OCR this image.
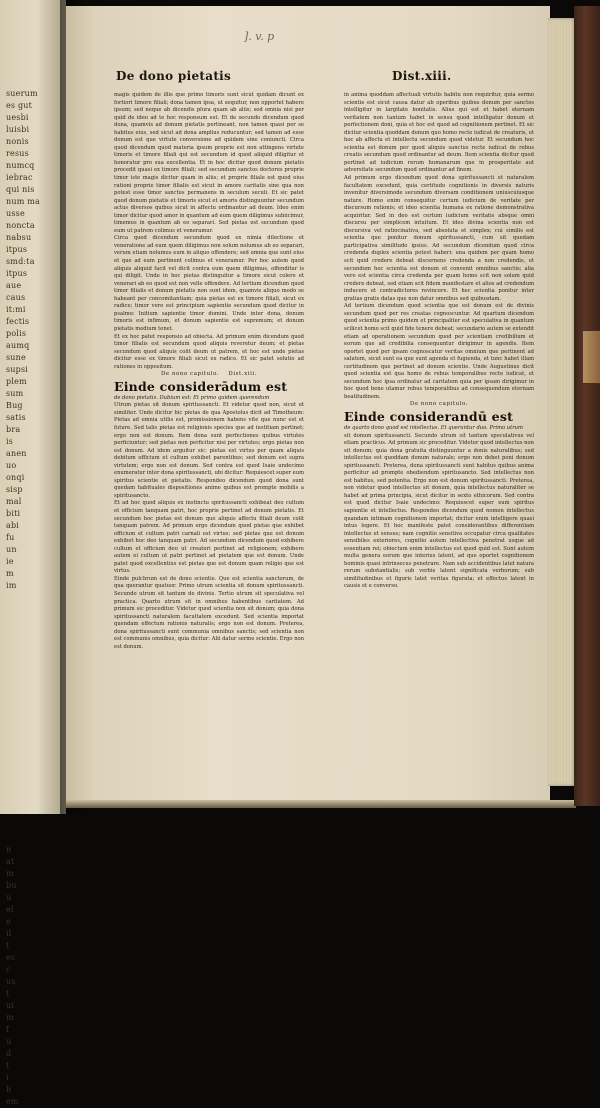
suerum
es gut
uesbi
luisbi
nonis
resus
numcq
iebrac
qui nis
num ma
usse
noncta
nabsu
itpus
smd:ta
itpus
aue
caus
it:mi
fectis
polis
aumq
sune
supsi
plem
sum
Bug
satis
bra
is
anen
uo
onqi
sisp
mal
biti
abi
fu
un
ie
m
im

n
at
m
bu
u
el
e
il
t
es
c
us
t
ui
m
f
u
d
t
i
h
em
]. v. p
De dono pietatis	Dist.xiii.

magis quidem de illis que primo timoris sunt sicut quidam dicunt ex fortiori timore filiali; dona tamen ipsa, ut sequitur, non opportet habere ipsum; sed neque ab dicendis plura quam ab aliis; sed omnia nisi per quid de ideo ad te hoc responsum est. Et de secundo dicendum quod dona, quamvis ad donum pietatis pertineant, non tamen quasi per se habitus eius, sed sicut ad dona amplius reducuntur; sed tamen ad esse donum est que virtute conversione ad quidem sine coniuncti. Circa quod dicendum quod materia ipsum proprie est non attingens virtute timoris et timore filiali qui est secundum id quod aliquid diligitur et honoratur pro sua excellentia. Et in hoc dicitur quod donum pietatis procedit quasi ex timore filiali; sed secundum sanctos doctores proprie timor iste magis dicitur quam in aliis; et proprie filiale est quod eius rationi proprie timor filialis est sicut in amore caritatis sine qua non potest esse timor sanctus permanens in seculum seculi. Et sic patet quod donum pietatis et timoris sicut et amoris distinguuntur secundum actus diversos quibus sicut in affectu ordinantur ad deum. Ideo enim timor dicitur quod amor in quantum ad eum quem diligimus subiicimur, timemus in quantum ab eo separari. Sed pietas est secundum quod eum ut patrem colimus et veneramur.

Circa quod dicendum secundum quod ex nimia dilectione et veneratione ad eum quem diligimus non solum nolumus ab eo separari, verum etiam nolumus eum in aliquo offendere; sed omnia que sunt eius et que ad eum pertinent colimus et veneramur. Per hoc autem quod aliquis aliquid facit vel dicit contra eum quem diligimus, offenditur is qui diligit. Unde in hoc pietas distinguitur a timore sicut colere et venerari ab eo quod est non velle offendere. Ad tertium dicendum quod timor filialis et donum pietatis non sunt idem, quamvis aliquo modo se habeant per concomitantiam; quia pietas est ex timore filiali, sicut ex radice; timor vero est principium sapientie secundum quod dicitur in psalmo: Initium sapientie timor domini. Unde inter dona, donum timoris est infimum, et donum sapientie est supremum; et donum pietatis medium tenet.

Et ex hoc patet responsio ad obiecta. Ad primum enim dicendum quod timor filialis est secundum quod aliquis reveretur deum; et pietas secundum quod aliquis colit deum ut patrem, et hoc est unde pietas dicitur esse ex timore filiali sicut ex radice. Et sic patet solutio ad rationes in oppositum.

De nono capitulo. Dist.xiii.

Einde considerādum est

de dono pietatis. Dubium est: Et primo quidem querendum

Utrum pietas sit donum spiritussancti. Et videtur quod non, sicut et similiter. Unde dicitur hic pietas de qua Apostolus dicit ad Timotheum: Pietas ad omnia utilis est, promissionem habens vite que nunc est et future. Sed talis pietas est religionis species que ad iustitiam pertinet; ergo non est donum. Item dona sunt perfectiones quibus virtutes perficiuntur; sed pietas non perficitur nisi per virtutes; ergo pietas non est donum. Ad idem arguitur sic: pietas est virtus per quam aliquis debitum officium et cultum exhibet parentibus; sed donum est supra virtutem; ergo non est donum. Sed contra est quod Isaie undecimo enumeratur inter dona spiritussancti, ubi dicitur: Requiescet super eum spiritus scientie et pietatis. Respondeo dicendum quod dona sunt quedam habituales dispositiones anime quibus est prompte mobilis a spiritusancto.

Et ad hoc quod aliquis ex instinctu spiritussancti exhibeat deo cultum et officium tanquam patri, hoc proprie pertinet ad donum pietatis. Et secundum hoc pietas est donum quo aliquis affectu filiali deum colit tanquam patrem. Ad primum ergo dicendum quod pietas que exhibet officium et cultum patri carnali est virtus; sed pietas que est donum exhibet hoc deo tanquam patri. Ad secundum dicendum quod exhibere cultum et officium deo ut creatori pertinet ad religionem; exhibere autem ei cultum ut patri pertinet ad pietatem que est donum. Unde patet quod excellentius est pietas que est donum quam religio que est virtus.

Einde pulchrum est de dono scientie. Que est scientia sanctorum, de qua querantur quatuor. Primo utrum scientia sit donum spiritussancti. Secundo utrum sit tantum de divinis. Tertio utrum sit speculativa vel practica. Quarto utrum sit in omnibus habentibus caritatem. Ad primum sic proceditur. Videtur quod scientia non sit donum; quia dona spiritussancti naturalem facultatem excedunt. Sed scientia importat quendam effectum rationis naturalis; ergo non est donum. Preterea, dona spiritussancti sunt communia omnibus sanctis; sed scientia non est communis omnibus, quia dicitur: Alii datur sermo scientie. Ergo non est donum.

in anima quoddam affectuali virtutis habitu non requiritur, quia sermo scientie est sicut causa datur ab operibus quibus donum per sanctos intelligitur in largitate bonitatis. Alius qui est et habet eternam veritatem non tantum habet in sensu quod intelligatur donum et perfectionem doni, quia et hoc est quod ad cognitionem pertinet. Et sic dicitur scientia quoddam donum quo homo recte iudicat de creaturis, et hoc ab affectu et intellectu secundum quod videtur. Et secundum hoc scientia est donum per quod aliquis sanctus recte iudicat de rebus creatis secundum quod ordinantur ad deum. Item scientia dicitur quod pertinet ad iudicium rerum humanarum que in prosperitate aut adversitate secundum quod ordinantur ad finem.

Ad primum ergo dicendum quod dona spiritussancti et naturalem facultatem excedunt, quia certitudo cognitionis in diversis naturis invenitur diversimode secundum diversam conditionem uniuscuiusque nature. Homo enim consequitur certum iudicium de veritate per discursum rationis; et ideo scientia humana ex ratione demonstrativa acquiritur. Sed in deo est certum iudicium veritatis absque omni discursu per simplicem intuitum. Et ideo divina scientia non est discursiva vel ratiocinativa, sed absoluta et simplex; cui similis est scientia que ponitur donum spiritussancti, cum sit quedam participativa similitudo ipsius. Ad secundum dicendum quod circa credenda duplex scientia potest haberi: una quidem per quam homo scit quid credere debeat discernens credenda a non credendis, et secundum hoc scientia est donum et convenit omnibus sanctis; alia vero est scientia circa credenda per quam homo scit non solum quid credere debeat, sed etiam scit fidem manifestare et alios ad credendum inducere et contradictores revincere. Et hec scientia ponitur inter gratias gratis datas que non datur omnibus sed quibusdam.

Ad tertium dicendum quod scientia que est donum est de divinis secundum quod per res creatas cognoscuntur. Ad quartum dicendum quod scientia primo quidem et principaliter est speculativa in quantum scilicet homo scit quid fide tenere debeat; secundario autem se extendit etiam ad operationem secundum quod per scientiam credibilium et eorum que ad credibilia consequuntur dirigimur in agendis. Item oportet quod per ipsam cognoscatur veritas omnium que pertinent ad salutem, sicut sunt ea que sunt agenda et fugienda, et tunc habet illam certitudinem que pertinet ad donum scientie. Unde Augustinus dicit quod scientia est qua homo de rebus temporalibus recte iudicat, et secundum hoc ipsa ordinatur ad caritatem quia per ipsam dirigimur in hoc quod bene utamur rebus temporalibus ad consequendum eternam beatitudinem.

De nono capitulo.

Einde considerandū est

de quarto dono quod est intellectus. Et querantur duo. Primo utrum

sit donum spiritussancti. Secundo utrum sit tantum speculativus vel etiam practicus. Ad primum sic proceditur. Videtur quod intellectus non sit donum; quia dona gratuita distinguuntur a donis naturalibus; sed intellectus est quoddam donum naturale; ergo non debet poni donum spiritussancti. Preterea, dona spiritussancti sunt habitus quibus anima perficitur ad prompte obediendum spiritusancto. Sed intellectus non est habitus, sed potentia. Ergo non est donum spiritussancti. Preterea, non videtur quod intellectus sit donum, quia intellectus naturaliter se habet ad prima principia, sicut dicitur in sexto ethicorum. Sed contra est quod dicitur Isaie undecimo: Requiescet super eum spiritus sapientie et intellectus. Respondeo dicendum quod nomen intellectus quandam intimam cognitionem importat; dicitur enim intelligere quasi intus legere. Et hoc manifeste patet considerantibus differentiam intellectus et sensus; nam cognitio sensitiva occupatur circa qualitates sensibiles exteriores, cognitio autem intellectiva penetrat usque ad essentiam rei; obiectum enim intellectus est quod quid est. Sunt autem multa genera eorum que interius latent, ad que oportet cognitionem hominis quasi intrinsecus penetrare. Nam sub accidentibus latet natura rerum substantialis; sub verbis latent significata verborum; sub similitudinibus et figuris latet veritas figurata; et effectus latent in causis et e converso.
